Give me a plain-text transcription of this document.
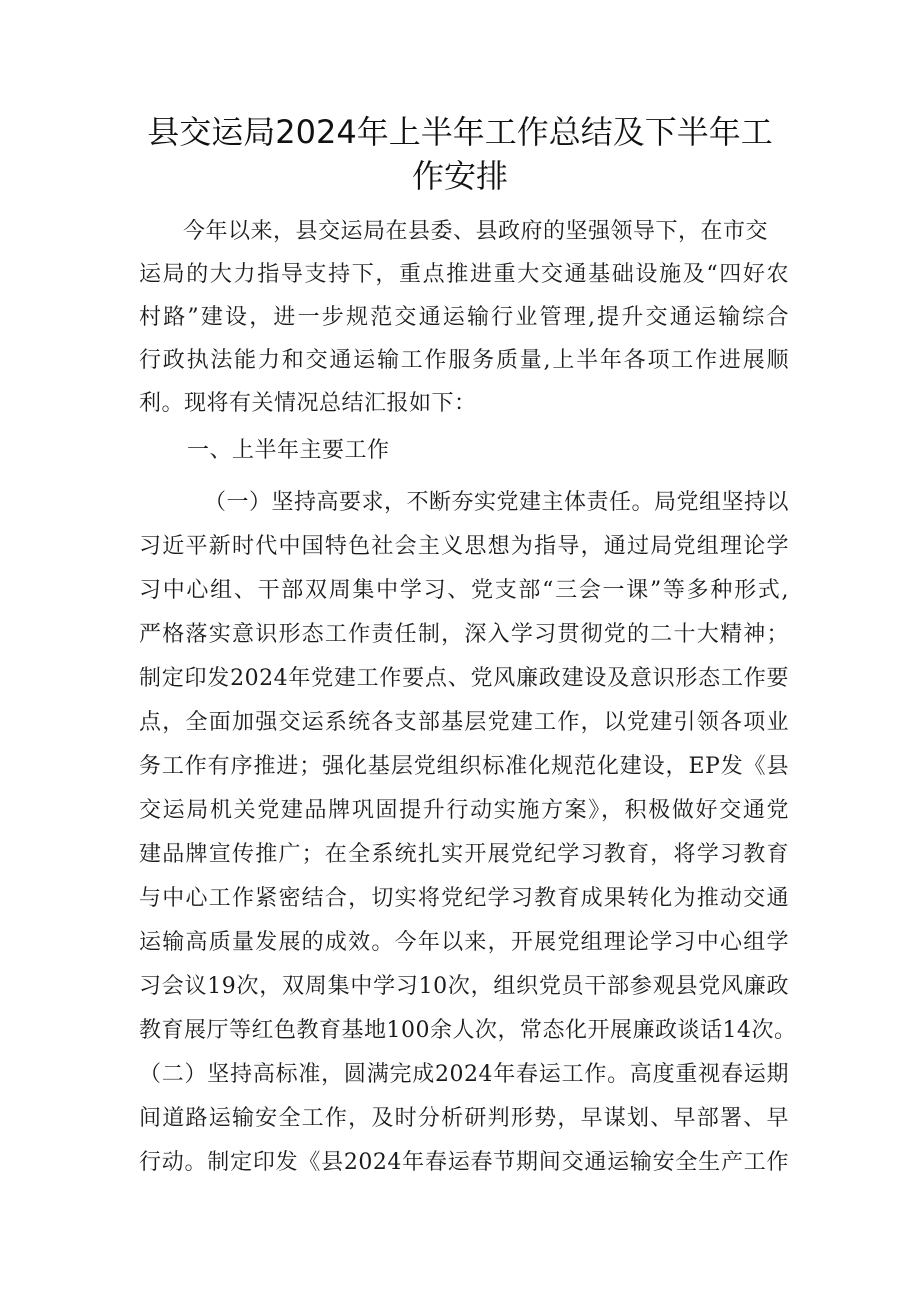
县交运局2024年上半年工作总结及下半年工
作安排
今年以来，县交运局在县委、县政府的坚强领导下，在市交
运局的大力指导支持下，重点推进重大交通基础设施及“四好农
村路”建设，进一步规范交通运输行业管理,提升交通运输综合
行政执法能力和交通运输工作服务质量,上半年各项工作进展顺
利。现将有关情况总结汇报如下：
一、上半年主要工作
（一）坚持高要求，不断夯实党建主体责任。局党组坚持以
习近平新时代中国特色社会主义思想为指导，通过局党组理论学
习中心组、干部双周集中学习、党支部“三会一课”等多种形式,
严格落实意识形态工作责任制，深入学习贯彻党的二十大精神；
制定印发2024年党建工作要点、党风廉政建设及意识形态工作要
点，全面加强交运系统各支部基层党建工作，以党建引领各项业
务工作有序推进；强化基层党组织标准化规范化建设，EP发《县
交运局机关党建品牌巩固提升行动实施方案》，积极做好交通党
建品牌宣传推广；在全系统扎实开展党纪学习教育，将学习教育
与中心工作紧密结合，切实将党纪学习教育成果转化为推动交通
运输高质量发展的成效。今年以来，开展党组理论学习中心组学
习会议19次，双周集中学习10次，组织党员干部参观县党风廉政
教育展厅等红色教育基地100余人次，常态化开展廉政谈话14次。
（二）坚持高标准，圆满完成2024年春运工作。高度重视春运期
间道路运输安全工作，及时分析研判形势，早谋划、早部署、早
行动。制定印发《县2024年春运春节期间交通运输安全生产工作
